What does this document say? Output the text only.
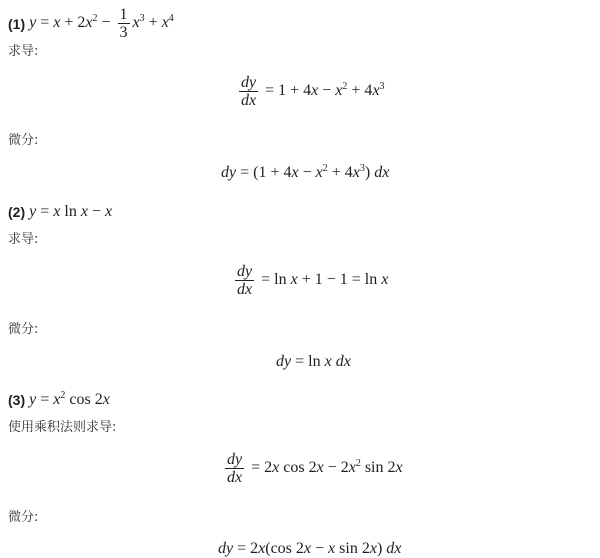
(1) $y = x + 2x^2 - \frac{1}{3} x^3 + x^4$
求导:
$\frac{dy}{dx} = 1 + 4x - x^2 + 4x^3$
微分:
dy = $(1 + 4x - x^2 + 4x^3)$ dx
(2) y = x ln x − x
求导:
$\frac{dy}{dx} = \ln x + 1 - 1 = \ln x$
微分:
dy = ln x dx
(3) $y = x^2$ cos 2x
使用乘积法则求导:
$\frac{dy}{dx} = 2x$ $\cos 2x - 2x^2$ sin 2x
微分:
dy = 2x(cos 2x − x sin 2x) dx
